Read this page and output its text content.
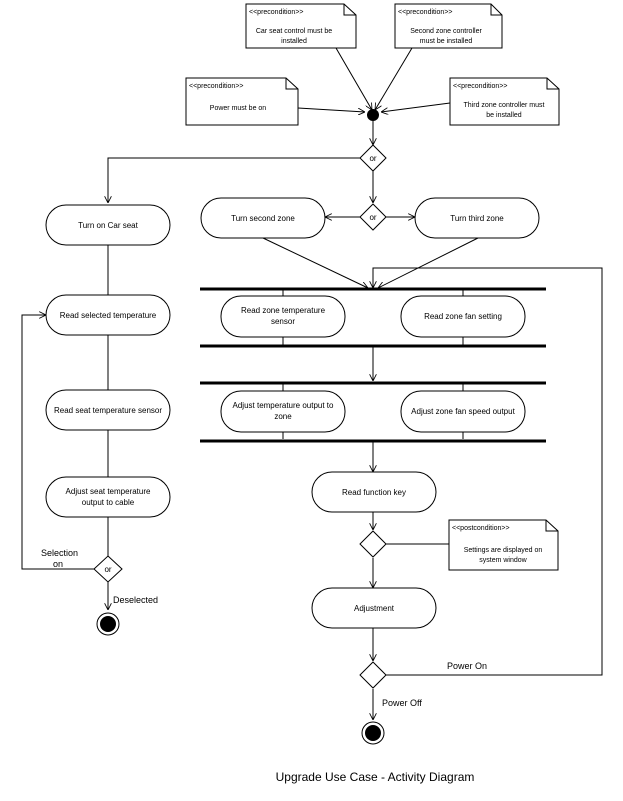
<<precondition>>
Car seat control must be
installed
<<precondition>>
Second zone controller
must be installed
<<precondition>>
Power must be on
<<precondition>>
Third zone controller must
be installed
<<postcondition>>
Settings are displayed on
system window
or
or
or
Turn on Car seat
Turn second zone	Turn third zone
Read selected temperature
Read seat temperature sensor
Adjust seat temperature
output to cable
Read zone temperature
sensor
Read zone fan setting
Adjust temperature output to
zone
Adjust zone fan speed output
Read function key
Adjustment
Selection
on
Deselected
Power On
Power Off
Upgrade Use Case - Activity Diagram
